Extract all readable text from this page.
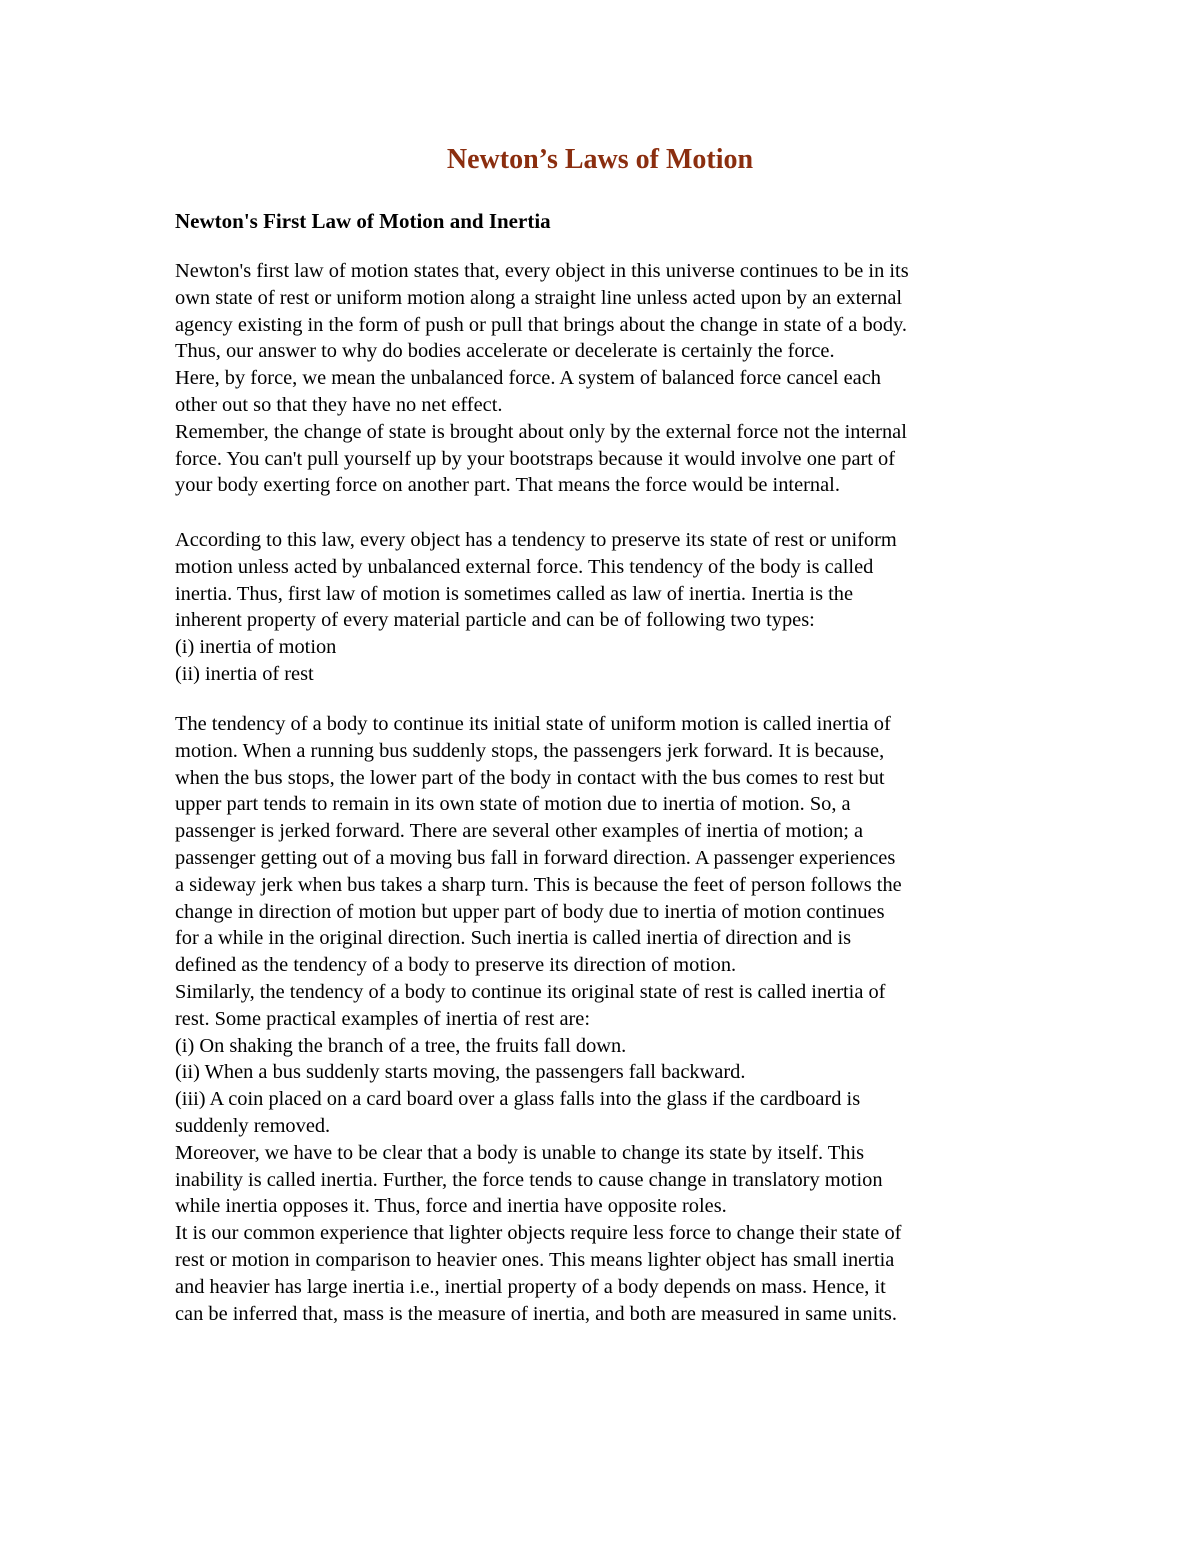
Newton’s Laws of Motion
Newton's First Law of Motion and Inertia
Newton's first law of motion states that, every object in this universe continues to be in its
own state of rest or uniform motion along a straight line unless acted upon by an external
agency existing in the form of push or pull that brings about the change in state of a body.
Thus, our answer to why do bodies accelerate or decelerate is certainly the force.
Here, by force, we mean the unbalanced force. A system of balanced force cancel each
other out so that they have no net effect.
Remember, the change of state is brought about only by the external force not the internal
force. You can't pull yourself up by your bootstraps because it would involve one part of
your body exerting force on another part. That means the force would be internal.
According to this law, every object has a tendency to preserve its state of rest or uniform
motion unless acted by unbalanced external force. This tendency of the body is called
inertia. Thus, first law of motion is sometimes called as law of inertia. Inertia is the
inherent property of every material particle and can be of following two types:
(i) inertia of motion
(ii) inertia of rest
The tendency of a body to continue its initial state of uniform motion is called inertia of
motion. When a running bus suddenly stops, the passengers jerk forward. It is because,
when the bus stops, the lower part of the body in contact with the bus comes to rest but
upper part tends to remain in its own state of motion due to inertia of motion. So, a
passenger is jerked forward. There are several other examples of inertia of motion; a
passenger getting out of a moving bus fall in forward direction. A passenger experiences
a sideway jerk when bus takes a sharp turn. This is because the feet of person follows the
change in direction of motion but upper part of body due to inertia of motion continues
for a while in the original direction. Such inertia is called inertia of direction and is
defined as the tendency of a body to preserve its direction of motion.
Similarly, the tendency of a body to continue its original state of rest is called inertia of
rest. Some practical examples of inertia of rest are:
(i) On shaking the branch of a tree, the fruits fall down.
(ii) When a bus suddenly starts moving, the passengers fall backward.
(iii) A coin placed on a card board over a glass falls into the glass if the cardboard is
suddenly removed.
Moreover, we have to be clear that a body is unable to change its state by itself. This
inability is called inertia. Further, the force tends to cause change in translatory motion
while inertia opposes it. Thus, force and inertia have opposite roles.
It is our common experience that lighter objects require less force to change their state of
rest or motion in comparison to heavier ones. This means lighter object has small inertia
and heavier has large inertia i.e., inertial property of a body depends on mass. Hence, it
can be inferred that, mass is the measure of inertia, and both are measured in same units.
